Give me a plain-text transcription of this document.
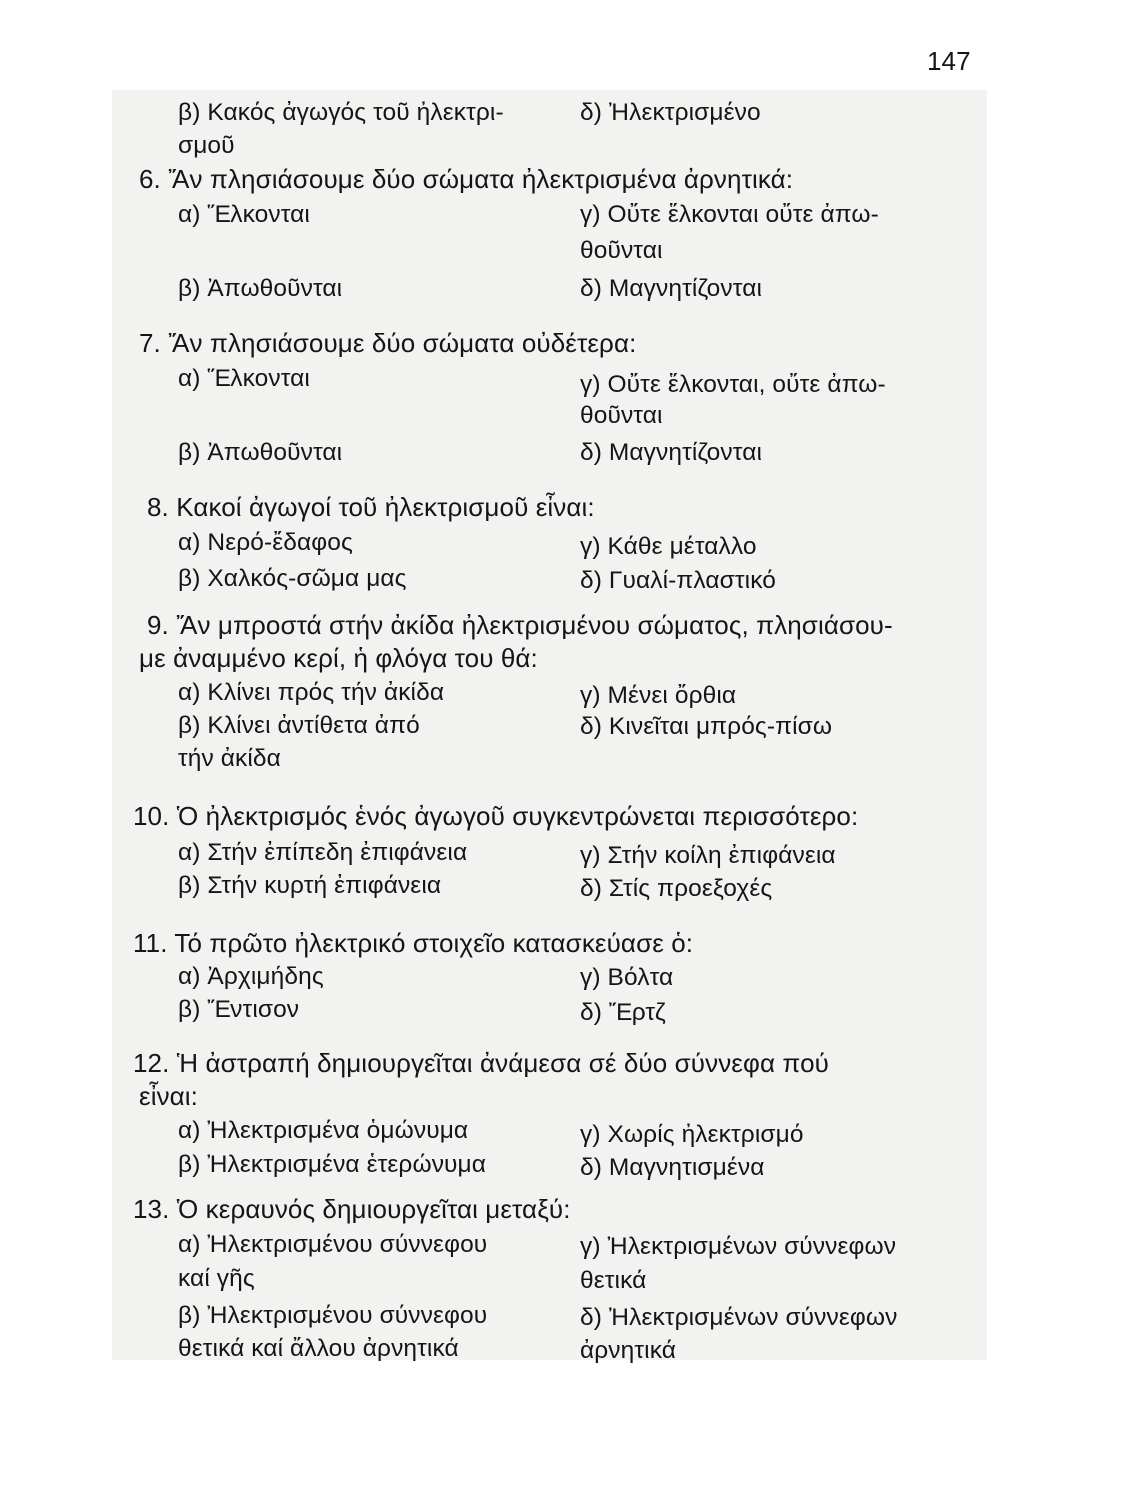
147
β) Κακός ἀγωγός τοῦ ἠλεκτρι-	δ) Ἠλεκτρισμένο
σμοῦ
6. Ἄν πλησιάσουμε δύο σώματα ἠλεκτρισμένα ἀρνητικά:
α) Ἕλκονται	γ) Οὔτε ἕλκονται οὔτε ἀπω-
θοῦνται
β) Ἀπωθοῦνται	δ) Μαγνητίζονται
7. Ἄν πλησιάσουμε δύο σώματα οὐδέτερα:
α) Ἕλκονται	γ) Οὔτε ἕλκονται, οὔτε ἀπω-
θοῦνται
β) Ἀπωθοῦνται	δ) Μαγνητίζονται
8. Κακοί ἀγωγοί τοῦ ἠλεκτρισμοῦ εἶναι:
α) Νερό-ἔδαφος	γ) Κάθε μέταλλο
β) Χαλκός-σῶμα μας	δ) Γυαλί-πλαστικό
9. Ἄν μπροστά στήν ἀκίδα ἠλεκτρισμένου σώματος, πλησιάσου-
με ἀναμμένο κερί, ἡ φλόγα του θά:
α) Κλίνει πρός τήν ἀκίδα	γ) Μένει ὄρθια
β) Κλίνει ἀντίθετα ἀπό	δ) Κινεῖται μπρός-πίσω
τήν ἀκίδα
10. Ὁ ἠλεκτρισμός ἑνός ἀγωγοῦ συγκεντρώνεται περισσότερο:
α) Στήν ἐπίπεδη ἐπιφάνεια	γ) Στήν κοίλη ἐπιφάνεια
β) Στήν κυρτή ἐπιφάνεια	δ) Στίς προεξοχές
11. Τό πρῶτο ἠλεκτρικό στοιχεῖο κατασκεύασε ὁ:
α) Ἀρχιμήδης	γ) Βόλτα
β) Ἔντισον	δ) Ἔρτζ
12. Ἡ ἀστραπή δημιουργεῖται ἀνάμεσα σέ δύο σύννεφα πού
εἶναι:
α) Ἠλεκτρισμένα ὁμώνυμα	γ) Χωρίς ἠλεκτρισμό
β) Ἠλεκτρισμένα ἑτερώνυμα	δ) Μαγνητισμένα
13. Ὁ κεραυνός δημιουργεῖται μεταξύ:
α) Ἠλεκτρισμένου σύννεφου	γ) Ἠλεκτρισμένων σύννεφων
καί γῆς	θετικά
β) Ἠλεκτρισμένου σύννεφου	δ) Ἠλεκτρισμένων σύννεφων
θετικά καί ἄλλου ἀρνητικά	ἀρνητικά
